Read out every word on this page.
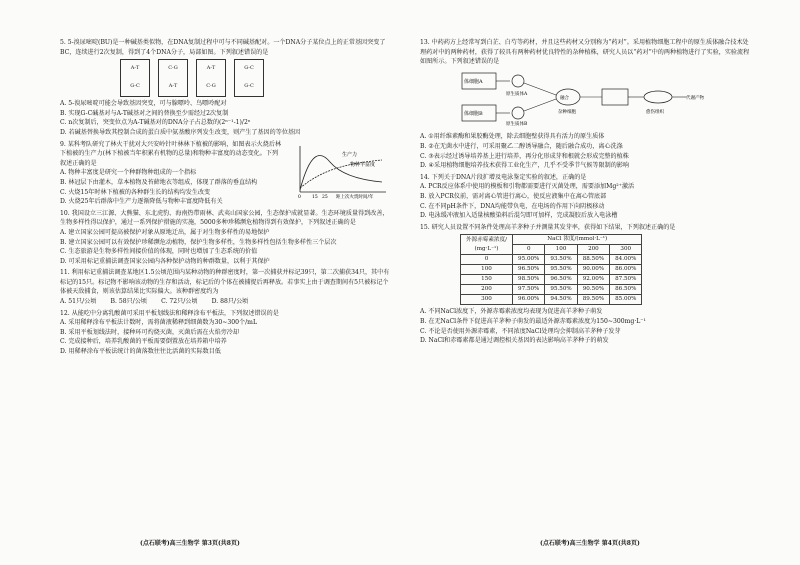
5. 5-溴尿嘧啶(BU)是一种碱基类似物，在DNA复制过程中可与不同碱基配对。一个DNA分子某位点上的正常基因突变了BC，连续进行2次复制，得到了4个DNA分子，局部如图。下列叙述错误的是

A-T
G-C
C-G
A-T
A-T
C-G
G-C
G-C

A. 5-溴尿嘧啶可能会导致基因突变，可与腺嘌呤、鸟嘌呤配对

B. 实现G-C碱基对与A-T碱基对之间的替换至少需经过2次复制

C. n次复制后，突变位点为A-T碱基对的DNA分子占总数的(2ⁿ⁻¹-1)/2ⁿ

D. 若碱基替换导致其控制合成的蛋白质中氨基酸序列发生改变，则产生了基因的等位基因

生产力
物种丰富度
0 15 25 距上次火烧时间/年

9. 某科考队研究了林火干扰对大兴安岭针叶林林下植被的影响，如图表示火烧后林下植被的生产力(林下植被当年积累有机物的总量)和物种丰富度的动态变化。下列叙述正确的是

A. 物种丰富度是研究一个种群物种组成的一个指标

B. 林冠层下由灌木，草本植物及苔藓地衣等组成，体现了群落的垂直结构

C. 火烧15年时林下植被的各种群生长的结构均发生改变

D. 火烧25年后群落中生产力逐渐降低与物种丰富度降低有关

10. 我国设立三江源、大熊猫、东北虎豹、海南热带雨林、武夷山国家公园，生态保护成就显著。生态环境质量得到改善，生物多样性得以保护，通过一系列保护措施的实施，5000多种珍稀濒危植物得到有效保护，下列叙述正确的是

A. 建立国家公园可提高被保护对象从原地迁出，属于对生物多样性的易地保护

B. 建立国家公园可以有效保护珍稀濒危动植物，保护生物多样性，生物多样性包括生物多样性三个层次

C. 生态旅游是生物多样性间接价值的体现，同时也增加了生态系统的价值

D. 可采用标记重捕法调查国家公园内各种保护动物的种群数量，以利于其保护

11. 利用标记重捕法调查某地区1.5公顷范围内某种动物的种群密度时，第一次捕获并标记39只，第二次捕获34只，其中有标记的15只。标记物不影响该动物的生存和活动，标记后的个体在被捕捉后再释放。若事实上由于调查期间有5只被标记个体被天敌捕食，则该估算结果比实际偏大。该种群密度约为

A. 51只/公顷   B. 58只/公顷   C. 72只/公顷   D. 88只/公顷

12. 从能吃中分离乳酸菌可采用平板划线法和稀释涂布平板法，下列叙述错误的是

A. 采用稀释涂布平板法计数时，需将菌液稀释到细菌数为30~300个/mL

B. 采用平板划线法时，接种环可灼烧灭菌，灭菌后需在火焰旁冷却

C. 完成接种后，培养乳酸菌的平板需要倒置放在培养箱中培养

D. 用稀释涂布平板法统计的菌落数往往比活菌的实际数目低

(点石联考)高三生物学 第3页(共8页)

13. 中药药方上经常写到白芷、白芍等药材，并且这些药材又分别称为“药对”。采用植物细胞工程中的原生质体融合技术处理药对中的两种药材，获得了较具有两种药材优良特性的杂种植株，研究人员以“药对”中的两种植物进行了实验，实验流程如图所示。下列叙述错误的是

体细胞A
原生质体A
体细胞B
原生质体B
融合
杂种细胞	愈伤组织
代谢产物

A. ①用纤维素酶和果胶酶处理，除去细胞壁获得具有活力的原生质体

B. ②在无菌水中进行，可采用聚乙二醇诱导融合，随后融合成功，离心洗涤

C. ③表示经过诱导培养基上进行培养，再分化形成芽和根就会形成完整的植株

D. ④采用植物细胞培养技术获得工业化生产，几乎不受季节气候等限制的影响

14. 下列关于DNA片段扩增及电泳鉴定实验的叙述，正确的是

A. PCR反应体系中使用的模板和引物都需要进行灭菌处理，需要添加Mg²⁺激活

B. 放入PCR仪前，需对离心管进行离心，使反应液集中在离心管底部

C. 在不同pH条件下，DNA均能带负电，在电场的作用下向阴极移动

D. 电泳缓冲液加入适量核酸染料后混匀即可加样，完成凝胶后放入电泳槽

15. 研究人员设置不同条件处理高羊茅种子并测量其发芽率，获得如下结果，下列叙述正确的是

外源赤霉素浓度/
(mg·L⁻¹)	NaCl 浓度/(mmol·L⁻¹)			
	0	100	200	300
0	95.00%	93.50%	88.50%	84.00%
100	96.50%	95.50%	90.00%	86.00%
150	98.50%	96.50%	92.00%	87.50%
200	97.50%	95.50%	90.50%	86.50%
300	96.00%	94.50%	89.50%	85.00%

A. 不同NaCl浓度下，外源赤霉素浓度均表现为促进高羊茅种子萌发

B. 在无NaCl条件下促进高羊茅种子萌发的最适外源赤霉素浓度为150~300mg·L⁻¹

C. 不论是否使用外源赤霉素，不同浓度NaCl处理均会抑制高羊茅种子发芽

D. NaCl和赤霉素都是通过调控相关基因的表达影响高羊茅种子的萌发

(点石联考)高三生物学 第4页(共8页)
